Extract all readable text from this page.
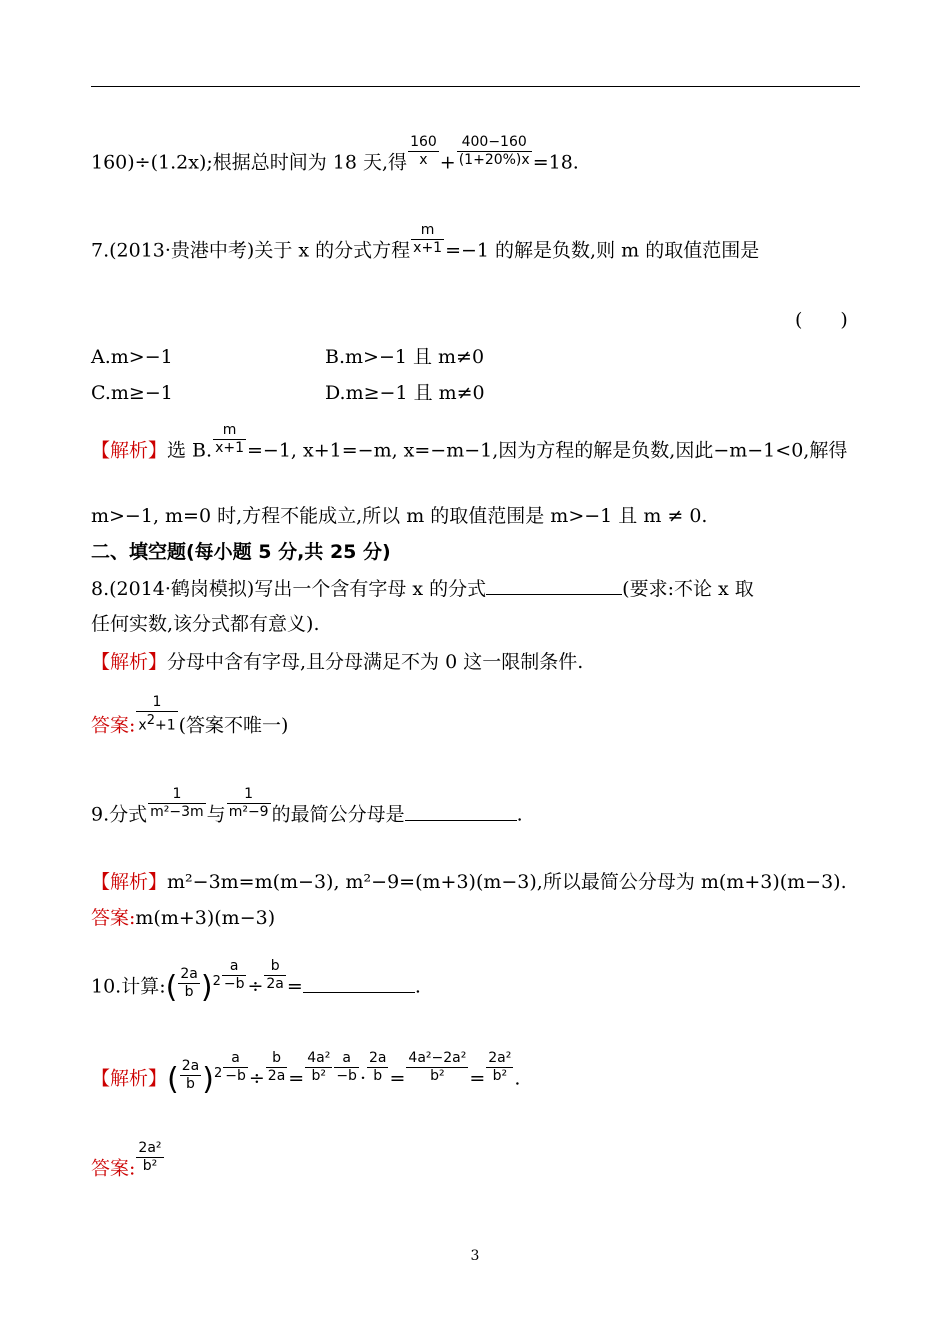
160)÷(1.2x);根据总时间为 18 天,得 $\frac{160}{x} + \frac{400-160}{(1+20\%)x} =18$.
7.(2013·贵港中考)关于 x 的分式方程 $\frac{m}{x+1} =-1$ 的解是负数,则 m 的取值范围是
(　　)
A.m>−1	B.m>−1 且 m≠0
C.m≥−1	D.m≥−1 且 m≠0
【解析】选 B. $\frac{m}{x+1} =-1$, x+1=−m, x=−m−1,因为方程的解是负数,因此−m−1<0,解得
m>−1, m=0 时,方程不能成立,所以 m 的取值范围是 m>−1 且 m ≠ 0.
二、填空题(每小题 5 分,共 25 分)
8.(2014·鹤岗模拟)写出一个含有字母 x 的分式	(要求:不论 x 取
任何实数,该分式都有意义).
【解析】分母中含有字母,且分母满足不为 0 这一限制条件.
答案: $\frac{1}{x2+1}$ (答案不唯一)
9.分式 $\frac{1}{\text{m²−3m}}$ 与 $\frac{1}{\text{m²−9}}$ 的最简公分母是	.
【解析】m²−3m=m(m−3), m²−9=(m+3)(m−3),所以最简公分母为 m(m+3)(m−3).
答案:m(m+3)(m−3)
10.计算:( $\frac{2a}{b} )^2 \frac{a}{-b} \div \frac{b}{2a}$ =	.
【解析】( $\frac{2a}{b} )^2 \frac{a}{-b} \div \frac{b}{2a} = \frac{\text{4a²}}{\text{b²}} \frac{a}{-b} \cdot \frac{2a}{b} = \frac{\text{4a²−2a²}}{\text{b²}} = \frac{\text{2a²}}{\text{b²}}$ .
答案: $\frac{\text{2a²}}{\text{b²}}$
3
